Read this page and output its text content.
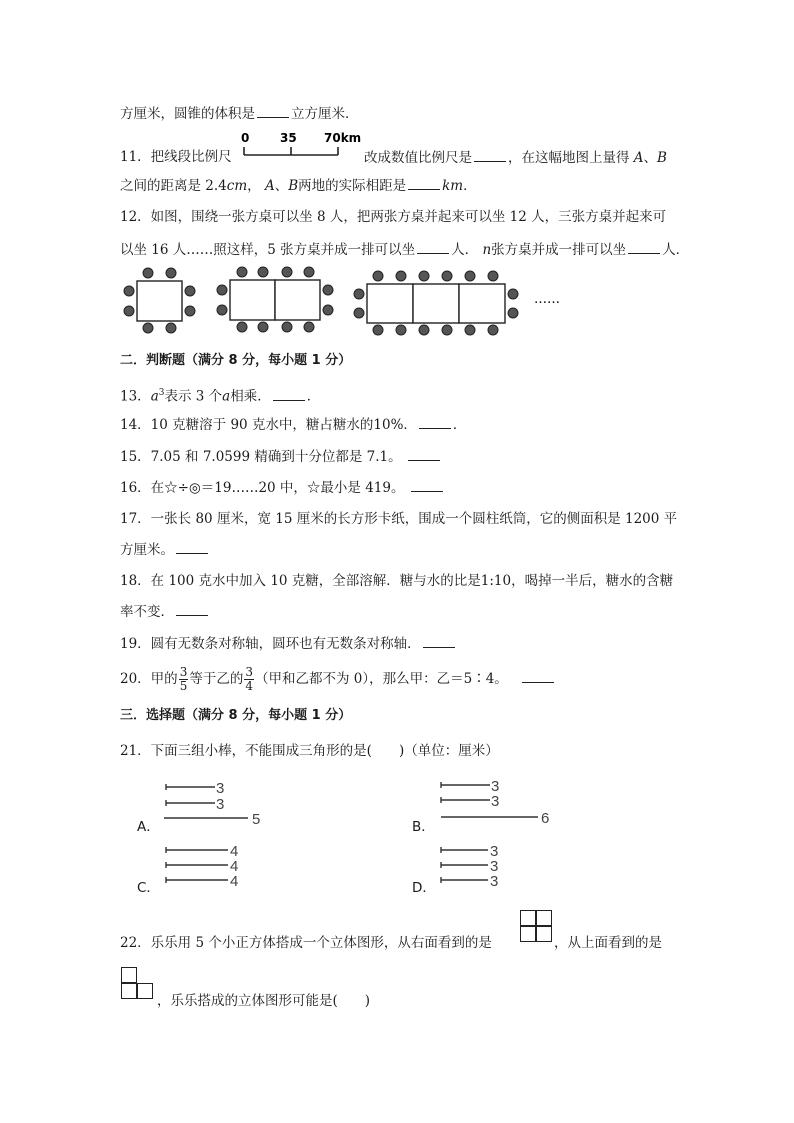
方厘米，圆锥的体积是	立方厘米．
11．把线段比例尺
0	35 70km
改成数值比例尺是	，在这幅地图上量得 A、B
之间的距离是 2.4cm， A、B两地的实际相距是	km．
12．如图，围绕一张方桌可以坐 8 人，把两张方桌并起来可以坐 12 人，三张方桌并起来可
以坐 16 人……照这样，5 张方桌并成一排可以坐	人． n张方桌并成一排可以坐	人．
……
二．判断题（满分 8 分，每小题 1 分）
13．$a^3$表示 3 个a相乘．	．
14．10 克糖溶于 90 克水中，糖占糖水的10%．	．
15．7.05 和 7.0599 精确到十分位都是 7.1。
16．在☆÷◎＝19……20 中，☆最小是 419。
17．一张长 80 厘米，宽 15 厘米的长方形卡纸，围成一个圆柱纸筒，它的侧面积是 1200 平
方厘米。
18．在 100 克水中加入 10 克糖，全部溶解．糖与水的比是1:10，喝掉一半后，糖水的含糖
率不变．
19．圆有无数条对称轴，圆环也有无数条对称轴．
20．甲的 $\frac{3}{5}$ 等于乙的 $\frac{3}{4}$ （甲和乙都不为 0），那么甲：乙＝5∶4。
三．选择题（满分 8 分，每小题 1 分）
21．下面三组小棒，不能围成三角形的是(　　)（单位：厘米）
A．
3
3
5	B．
3
3
6
C．
4
4
4	D．
3
3
3
22．乐乐用 5 个小正方体搭成一个立体图形，从右面看到的是	，从上面看到的是
，乐乐搭成的立体图形可能是(　　)
